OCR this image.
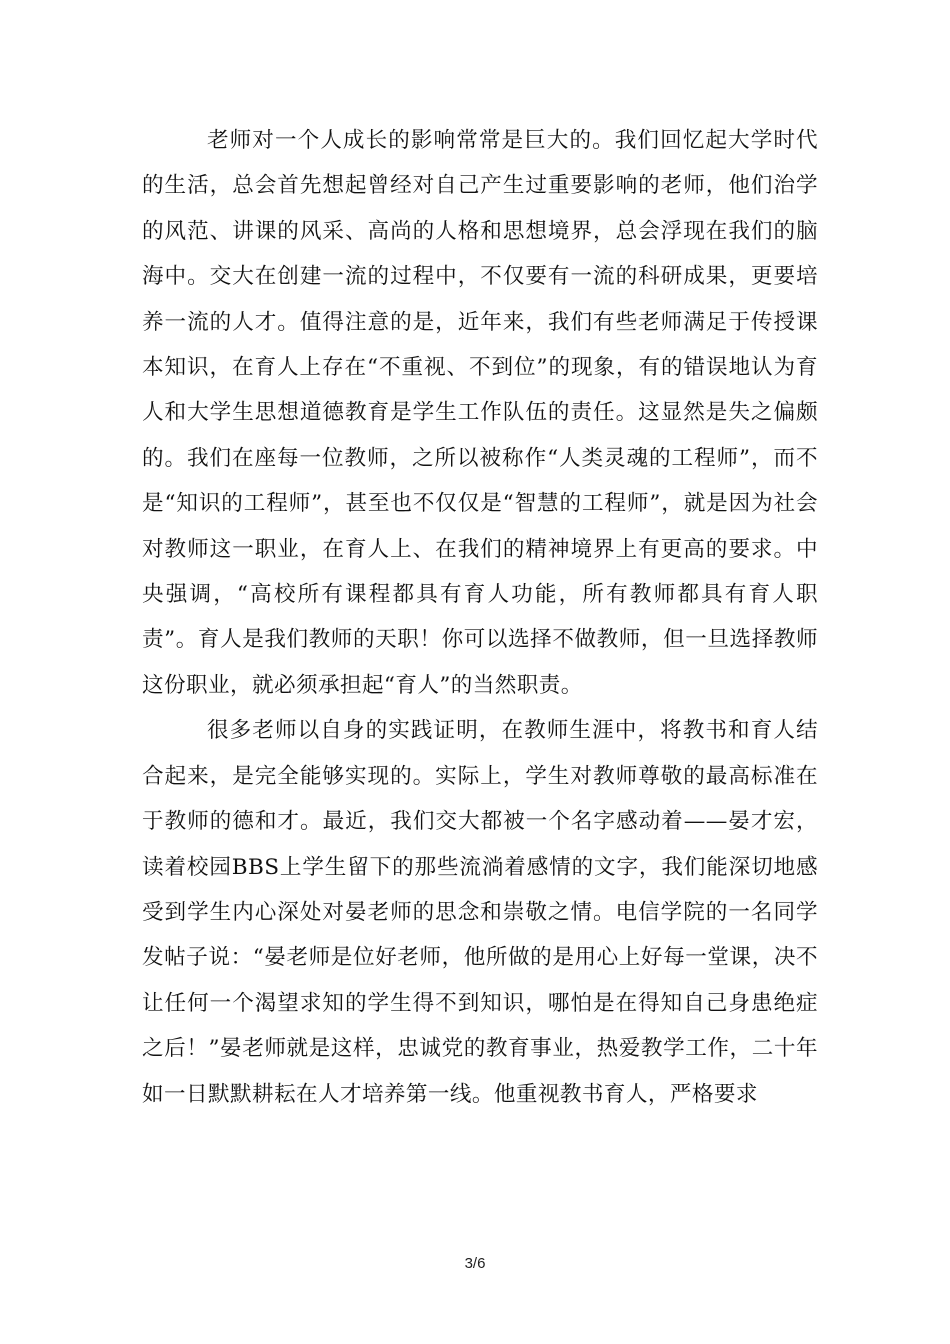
老师对一个人成长的影响常常是巨大的。我们回忆起大学时代的生活，总会首先想起曾经对自己产生过重要影响的老师，他们治学的风范、讲课的风采、高尚的人格和思想境界，总会浮现在我们的脑海中。交大在创建一流的过程中，不仅要有一流的科研成果，更要培养一流的人才。值得注意的是，近年来，我们有些老师满足于传授课本知识，在育人上存在“不重视、不到位”的现象，有的错误地认为育人和大学生思想道德教育是学生工作队伍的责任。这显然是失之偏颇的。我们在座每一位教师，之所以被称作“人类灵魂的工程师”，而不是“知识的工程师”，甚至也不仅仅是“智慧的工程师”，就是因为社会对教师这一职业，在育人上、在我们的精神境界上有更高的要求。中央强调，“高校所有课程都具有育人功能，所有教师都具有育人职责”。育人是我们教师的天职！你可以选择不做教师，但一旦选择教师这份职业，就必须承担起“育人”的当然职责。

很多老师以自身的实践证明，在教师生涯中，将教书和育人结合起来，是完全能够实现的。实际上，学生对教师尊敬的最高标准在于教师的德和才。最近，我们交大都被一个名字感动着——晏才宏，读着校园BBS上学生留下的那些流淌着感情的文字，我们能深切地感受到学生内心深处对晏老师的思念和崇敬之情。电信学院的一名同学发帖子说：“晏老师是位好老师，他所做的是用心上好每一堂课，决不让任何一个渴望求知的学生得不到知识，哪怕是在得知自己身患绝症之后！”晏老师就是这样，忠诚党的教育事业，热爱教学工作，二十年如一日默默耕耘在人才培养第一线。他重视教书育人，严格要求

3/6
